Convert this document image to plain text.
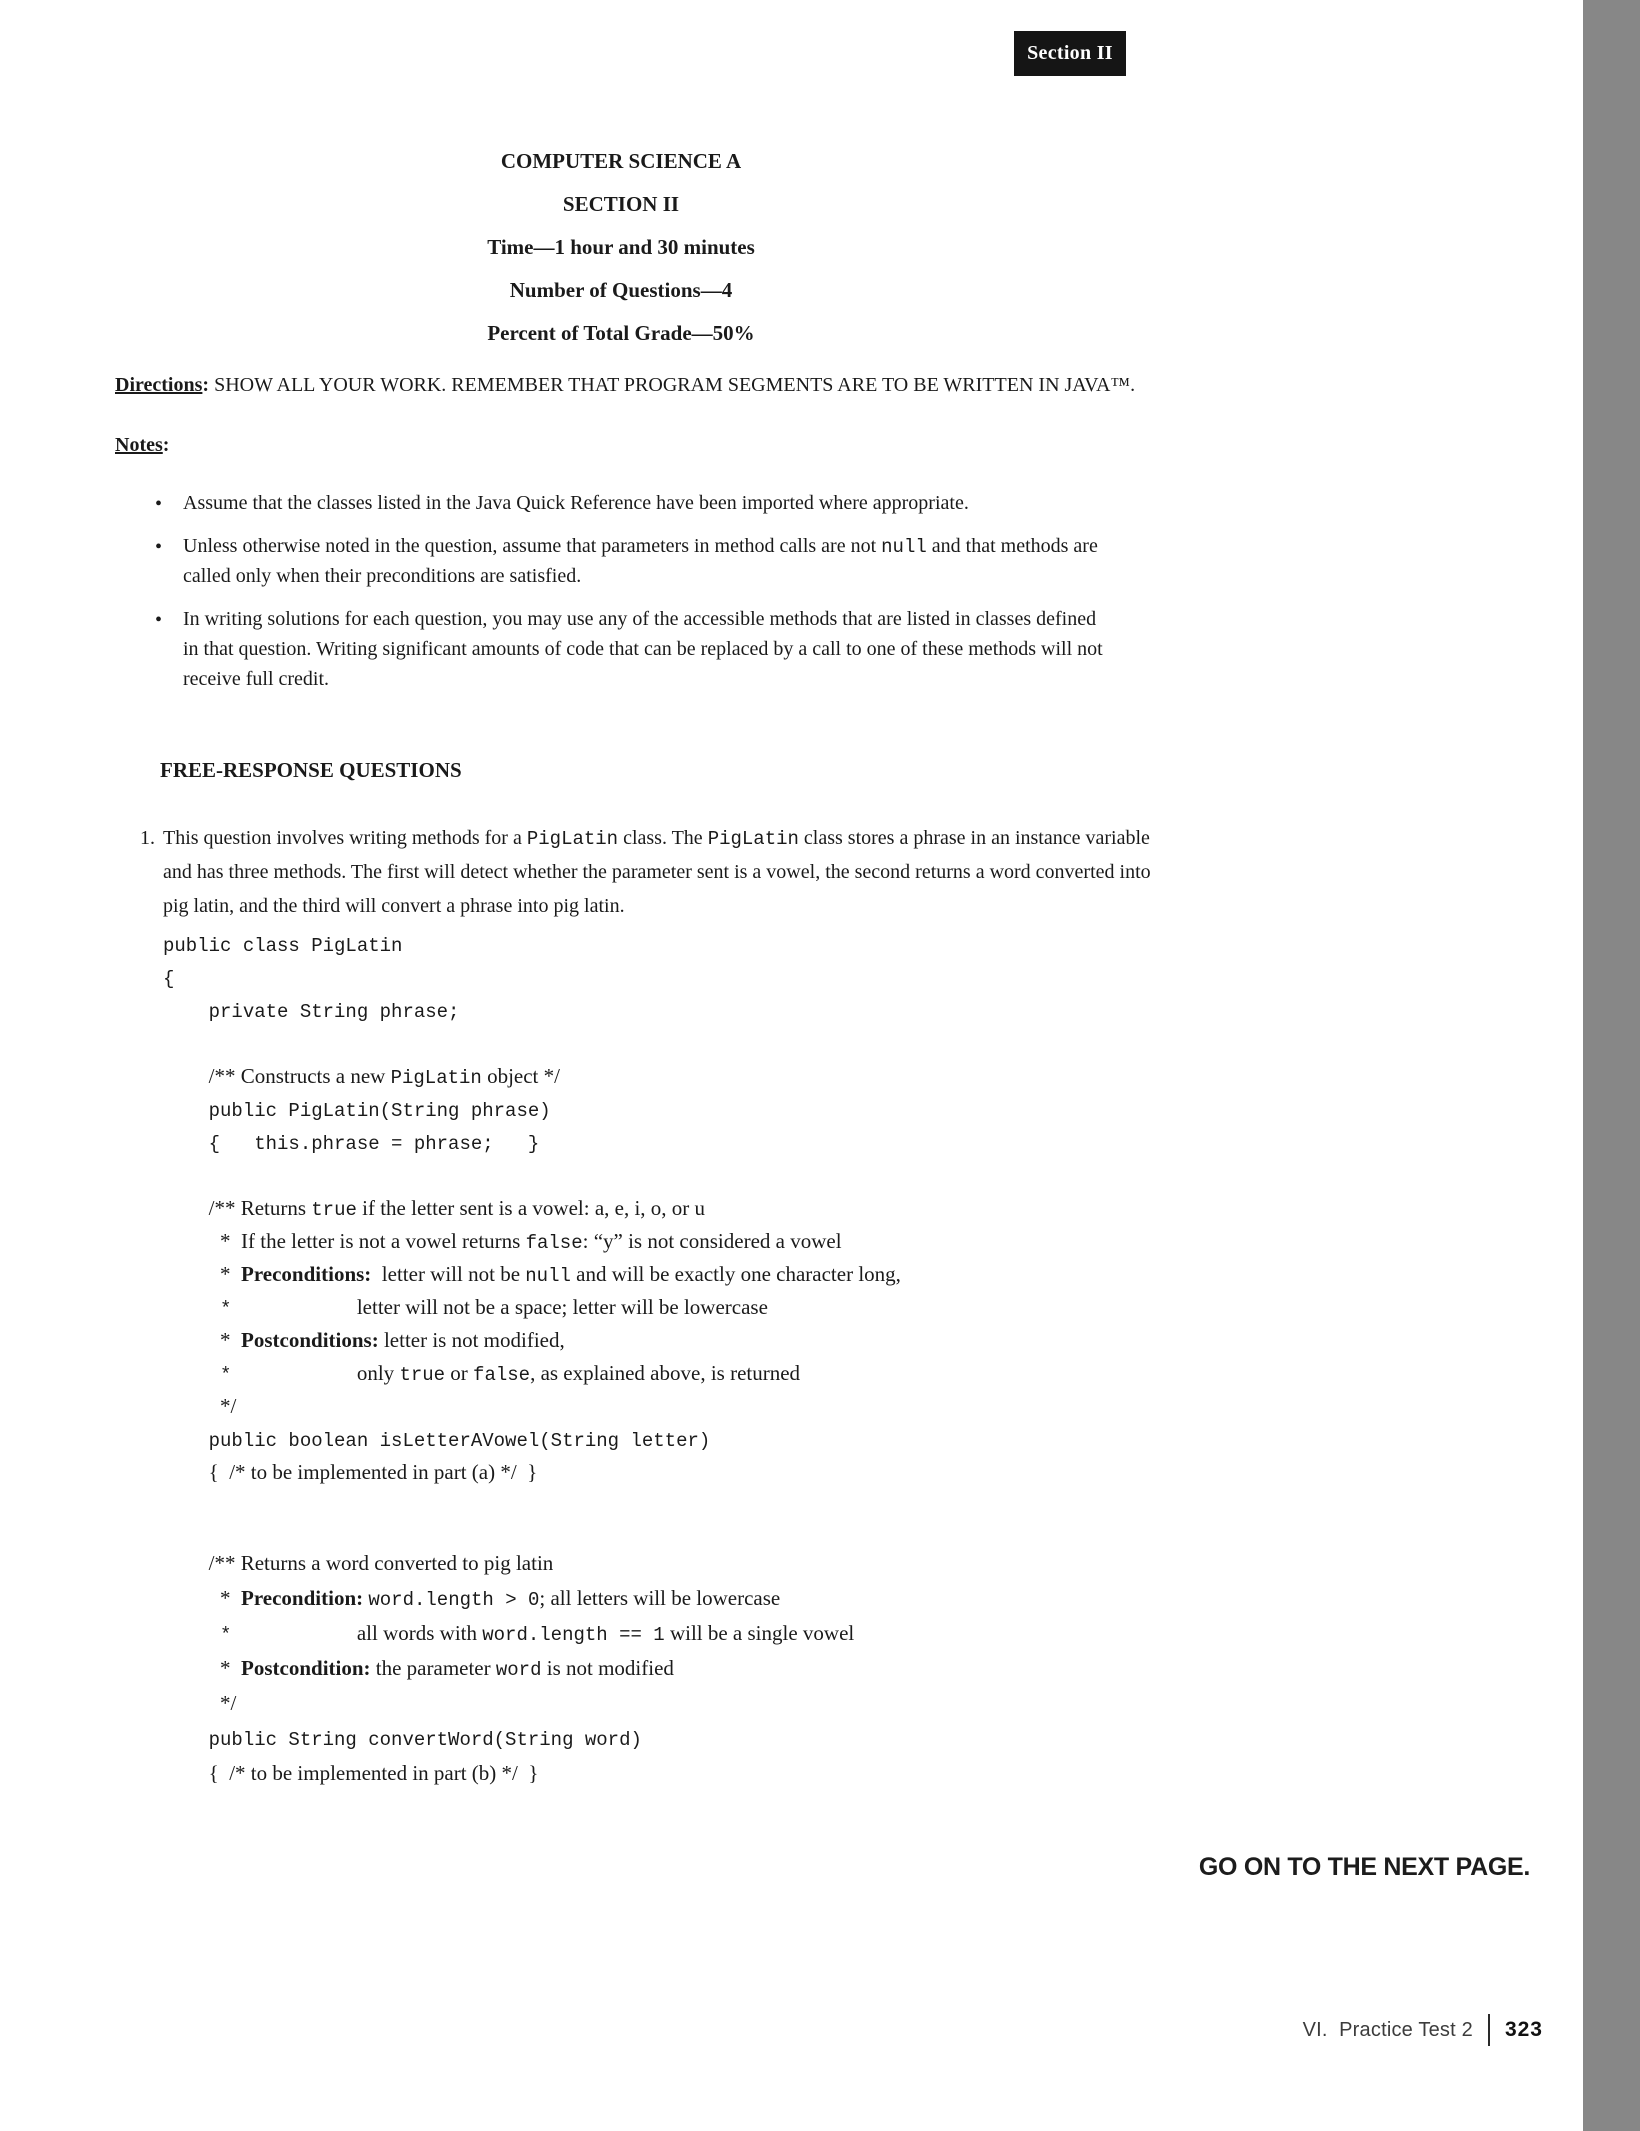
Section II
COMPUTER SCIENCE A
SECTION II
Time—1 hour and 30 minutes
Number of Questions—4
Percent of Total Grade—50%
Directions: SHOW ALL YOUR WORK. REMEMBER THAT PROGRAM SEGMENTS ARE TO BE WRITTEN IN JAVA™.
Notes:
• Assume that the classes listed in the Java Quick Reference have been imported where appropriate.
• Unless otherwise noted in the question, assume that parameters in method calls are not null and that methods are
called only when their preconditions are satisfied.
• In writing solutions for each question, you may use any of the accessible methods that are listed in classes defined
in that question. Writing significant amounts of code that can be replaced by a call to one of these methods will not
receive full credit.
FREE-RESPONSE QUESTIONS
1. This question involves writing methods for a PigLatin class. The PigLatin class stores a phrase in an instance variable
and has three methods. The first will detect whether the parameter sent is a vowel, the second returns a word converted into
pig latin, and the third will convert a phrase into pig latin.
public class PigLatin
{
private String phrase;

/** Constructs a new PigLatin object */
public PigLatin(String phrase)
{   this.phrase = phrase;   }

/** Returns true if the letter sent is a vowel: a, e, i, o, or u
*  If the letter is not a vowel returns false: “y” is not considered a vowel
*  Preconditions:  letter will not be null and will be exactly one character long,
*           letter will not be a space; letter will be lowercase
*  Postconditions: letter is not modified,
*           only true or false, as explained above, is returned
*/
public boolean isLetterAVowel(String letter)
{  /* to be implemented in part (a) */  }
/** Returns a word converted to pig latin
*  Precondition: word.length > 0; all letters will be lowercase
*           all words with word.length == 1 will be a single vowel
*  Postcondition: the parameter word is not modified
*/
public String convertWord(String word)
{  /* to be implemented in part (b) */  }
GO ON TO THE NEXT PAGE.
VI.  Practice Test 2 323
